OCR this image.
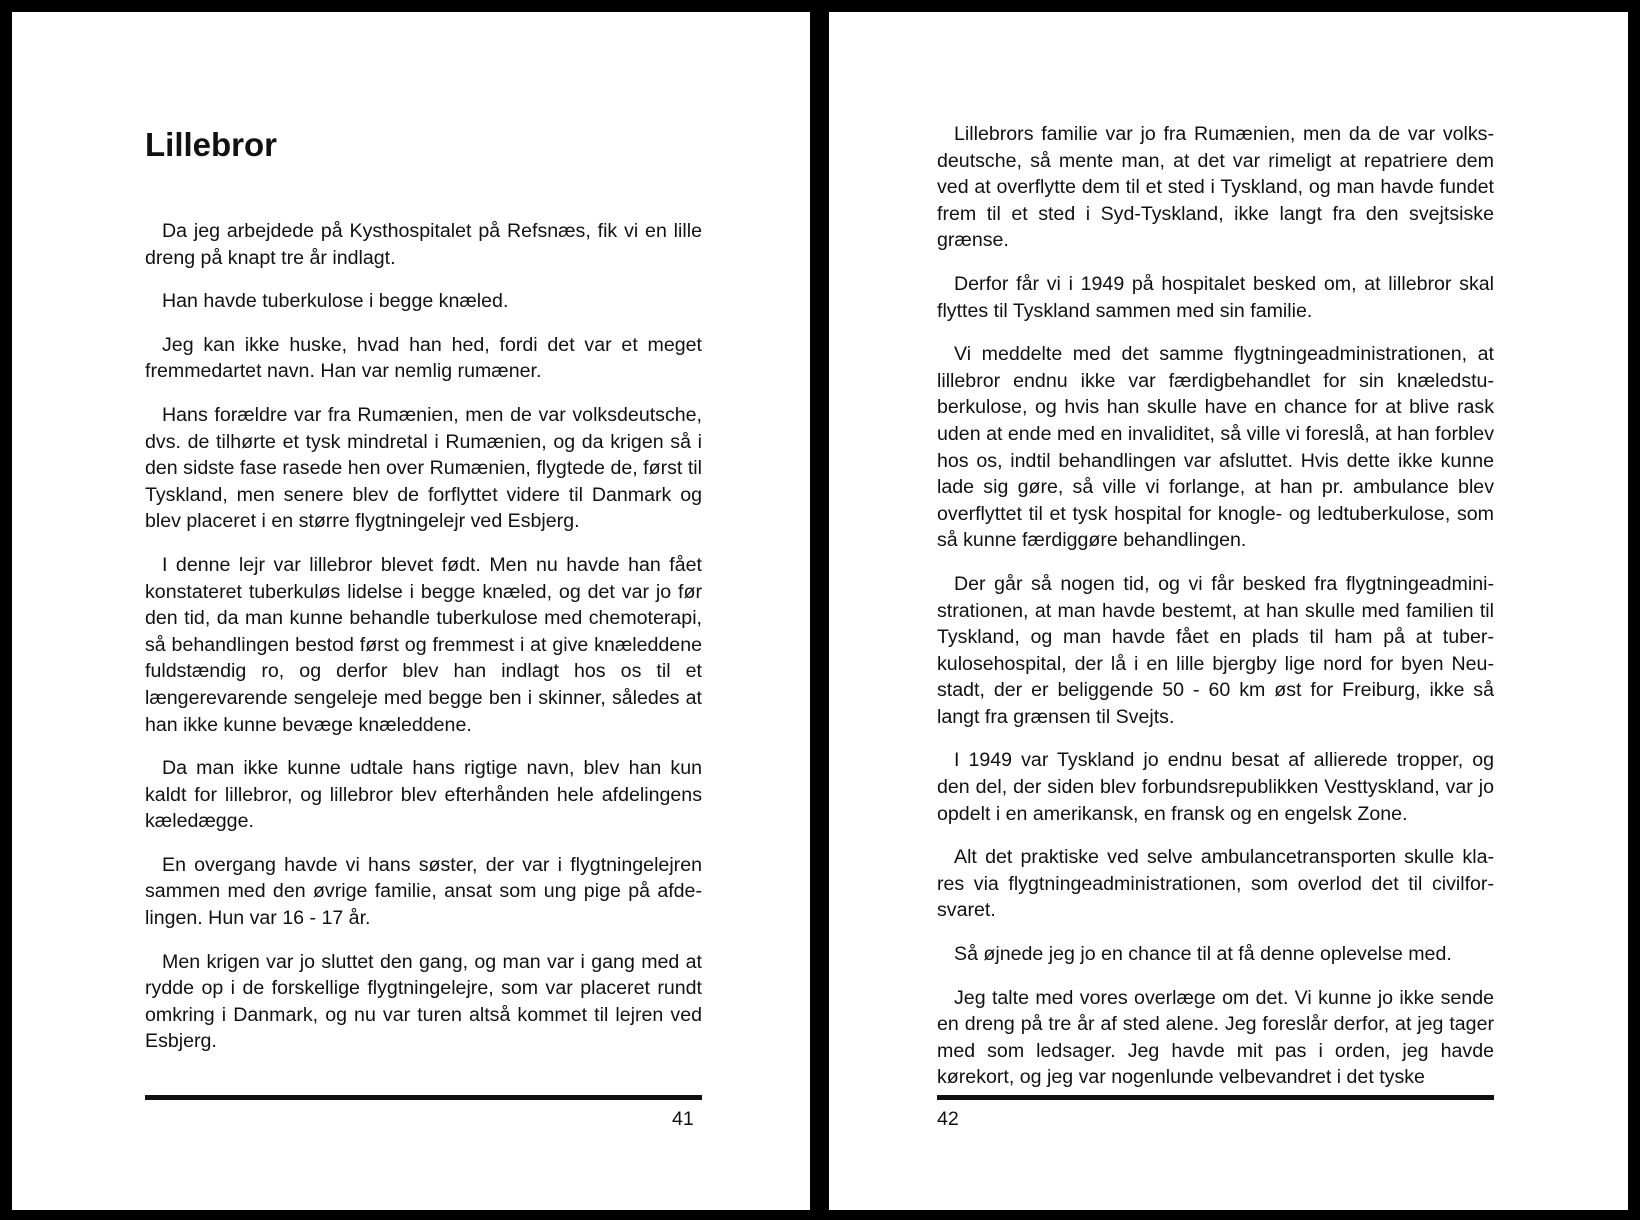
Lillebror

Da jeg arbejdede på Kysthospitalet på Refsnæs, fik vi en lille dreng på knapt tre år indlagt.

Han havde tuberkulose i begge knæled.

Jeg kan ikke huske, hvad han hed, fordi det var et meget fremmedartet navn. Han var nemlig rumæner.

Hans forældre var fra Rumænien, men de var volksdeutsche, dvs. de tilhørte et tysk mindretal i Rumænien, og da krigen så i den sidste fase rasede hen over Rumænien, flygtede de, først til Tyskland, men senere blev de forflyttet videre til Danmark og blev placeret i en større flygtningelejr ved Esbjerg.

I denne lejr var lillebror blevet født. Men nu havde han fået konstateret tuberkuløs lidelse i begge knæled, og det var jo før den tid, da man kunne behandle tuberkulose med chemoterapi, så behandlingen bestod først og fremmest i at give knæleddene fuldstændig ro, og derfor blev han indlagt hos os til et længerevarende sengeleje med begge ben i skinner, således at han ikke kunne bevæge knæleddene.

Da man ikke kunne udtale hans rigtige navn, blev han kun kaldt for lillebror, og lillebror blev efterhånden hele afdelingens kæledægge.

En overgang havde vi hans søster, der var i flygtningelejren sammen med den øvrige familie, ansat som ung pige på afdelingen. Hun var 16 - 17 år.

Men krigen var jo sluttet den gang, og man var i gang med at rydde op i de forskellige flygtningelejre, som var placeret rundt omkring i Danmark, og nu var turen altså kommet til lejren ved Esbjerg.

41

Lillebrors familie var jo fra Rumænien, men da de var volksdeutsche, så mente man, at det var rimeligt at repatriere dem ved at overflytte dem til et sted i Tyskland, og man havde fundet frem til et sted i Syd-Tyskland, ikke langt fra den svejtsiske grænse.

Derfor får vi i 1949 på hospitalet besked om, at lillebror skal flyttes til Tyskland sammen med sin familie.

Vi meddelte med det samme flygtningeadministrationen, at lillebror endnu ikke var færdigbehandlet for sin knæledstuberkulose, og hvis han skulle have en chance for at blive rask uden at ende med en invaliditet, så ville vi foreslå, at han forblev hos os, indtil behandlingen var afsluttet. Hvis dette ikke kunne lade sig gøre, så ville vi forlange, at han pr. ambulance blev overflyttet til et tysk hospital for knogle- og ledtuberkulose, som så kunne færdiggøre behandlingen.

Der går så nogen tid, og vi får besked fra flygtningeadministrationen, at man havde bestemt, at han skulle med familien til Tyskland, og man havde fået en plads til ham på at tuberkulosehospital, der lå i en lille bjergby lige nord for byen Neustadt, der er beliggende 50 - 60 km øst for Freiburg, ikke så langt fra grænsen til Svejts.

I 1949 var Tyskland jo endnu besat af allierede tropper, og den del, der siden blev forbundsrepublikken Vesttyskland, var jo opdelt i en amerikansk, en fransk og en engelsk Zone.

Alt det praktiske ved selve ambulancetransporten skulle klares via flygtningeadministrationen, som overlod det til civilforsvaret.

Så øjnede jeg jo en chance til at få denne oplevelse med.

Jeg talte med vores overlæge om det. Vi kunne jo ikke sende en dreng på tre år af sted alene. Jeg foreslår derfor, at jeg tager med som ledsager. Jeg havde mit pas i orden, jeg havde kørekort, og jeg var nogenlunde velbevandret i det tyske

42
